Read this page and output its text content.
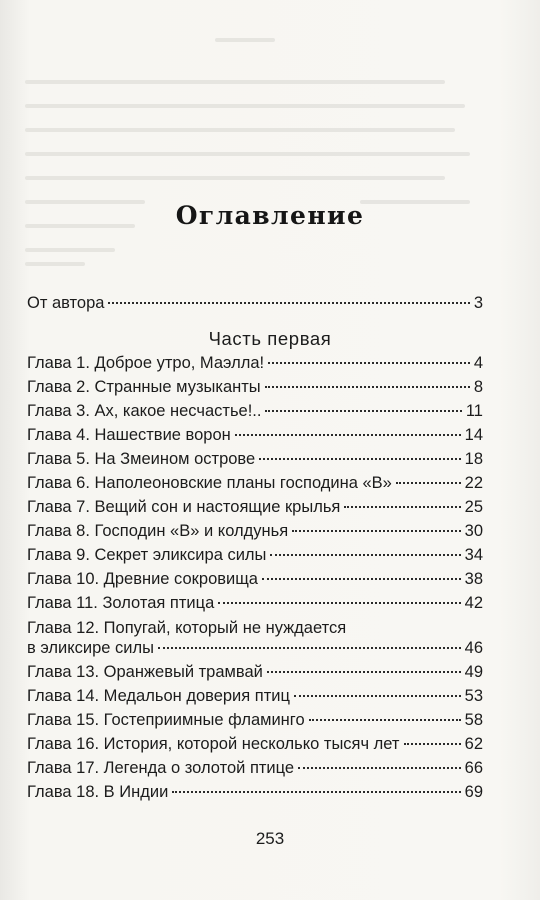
Оглавление
От автора	3
Часть первая
Глава 1. Доброе утро, Маэлла!	4
Глава 2. Странные музыканты	8
Глава 3. Ах, какое несчастье!..	11
Глава 4. Нашествие ворон	14
Глава 5. На Змеином острове	18
Глава 6. Наполеоновские планы господина «В»	22
Глава 7. Вещий сон и настоящие крылья	25
Глава 8. Господин «В» и колдунья	30
Глава 9. Секрет эликсира силы	34
Глава 10. Древние сокровища	38
Глава 11. Золотая птица	42
Глава 12. Попугай, который не нуждается
в эликсире силы	46
Глава 13. Оранжевый трамвай	49
Глава 14. Медальон доверия птиц	53
Глава 15. Гостеприимные фламинго	58
Глава 16. История, которой несколько тысяч лет	62
Глава 17. Легенда о золотой птице	66
Глава 18. В Индии	69
253
